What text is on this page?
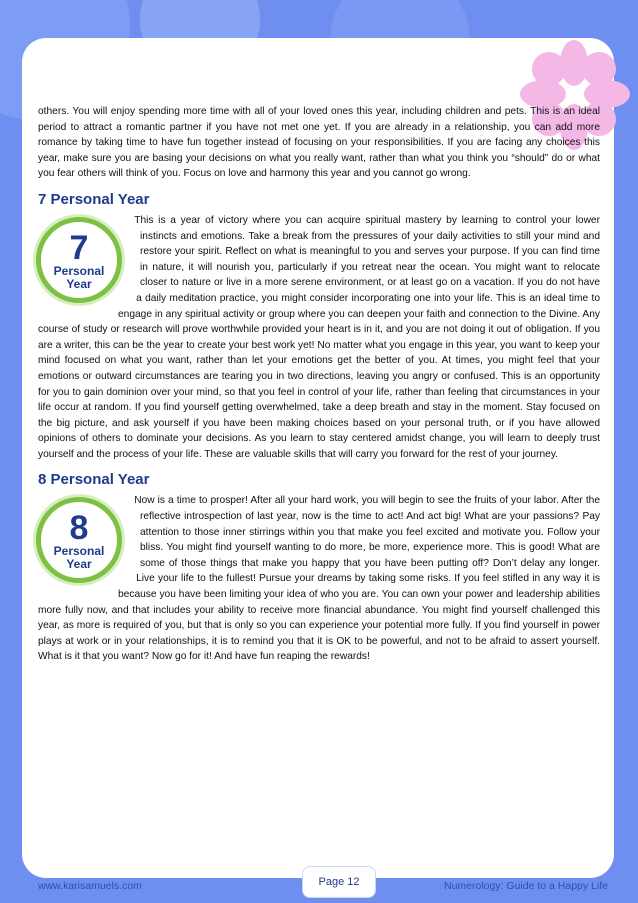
others. You will enjoy spending more time with all of your loved ones this year, including children and pets. This is an ideal period to attract a romantic partner if you have not met one yet. If you are already in a relationship, you can add more romance by taking time to have fun together instead of focusing on your responsibilities. If you are facing any choices this year, make sure you are basing your decisions on what you really want, rather than what you think you “should” do or what you fear others will think of you. Focus on love and harmony this year and you cannot go wrong.

7 Personal Year
7
Personal
Year

This is a year of victory where you can acquire spiritual mastery by learning to control your lower instincts and emotions. Take a break from the pressures of your daily activities to still your mind and restore your spirit. Reflect on what is meaningful to you and serves your purpose. If you can find time in nature, it will nourish you, particularly if you retreat near the ocean. You might want to relocate closer to nature or live in a more serene environment, or at least go on a vacation. If you do not have a daily meditation practice, you might consider incorporating one into your life. This is an ideal time to engage in any spiritual activity or group where you can deepen your faith and connection to the Divine. Any course of study or research will prove worthwhile provided your heart is in it, and you are not doing it out of obligation. If you are a writer, this can be the year to create your best work yet! No matter what you engage in this year, you want to keep your mind focused on what you want, rather than let your emotions get the better of you. At times, you might feel that your emotions or outward circumstances are tearing you in two directions, leaving you angry or confused. This is an opportunity for you to gain dominion over your mind, so that you feel in control of your life, rather than feeling that circumstances in your life occur at random. If you find yourself getting overwhelmed, take a deep breath and stay in the moment. Stay focused on the big picture, and ask yourself if you have been making choices based on your personal truth, or if you have allowed opinions of others to dominate your decisions. As you learn to stay centered amidst change, you will learn to deeply trust yourself and the process of your life. These are valuable skills that will carry you forward for the rest of your journey.

8 Personal Year
8
Personal
Year

Now is a time to prosper! After all your hard work, you will begin to see the fruits of your labor. After the reflective introspection of last year, now is the time to act! And act big! What are your passions? Pay attention to those inner stirrings within you that make you feel excited and motivate you. Follow your bliss. You might find yourself wanting to do more, be more, experience more. This is good! What are some of those things that make you happy that you have been putting off? Don’t delay any longer. Live your life to the fullest! Pursue your dreams by taking some risks. If you feel stifled in any way it is because you have been limiting your idea of who you are. You can own your power and leadership abilities more fully now, and that includes your ability to receive more financial abundance. You might find yourself challenged this year, as more is required of you, but that is only so you can experience your potential more fully. If you find yourself in power plays at work or in your relationships, it is to remind you that it is OK to be powerful, and not to be afraid to assert yourself. What is it that you want? Now go for it! And have fun reaping the rewards!

www.karisamuels.com	Page 12	Numerology: Guide to a Happy Life
